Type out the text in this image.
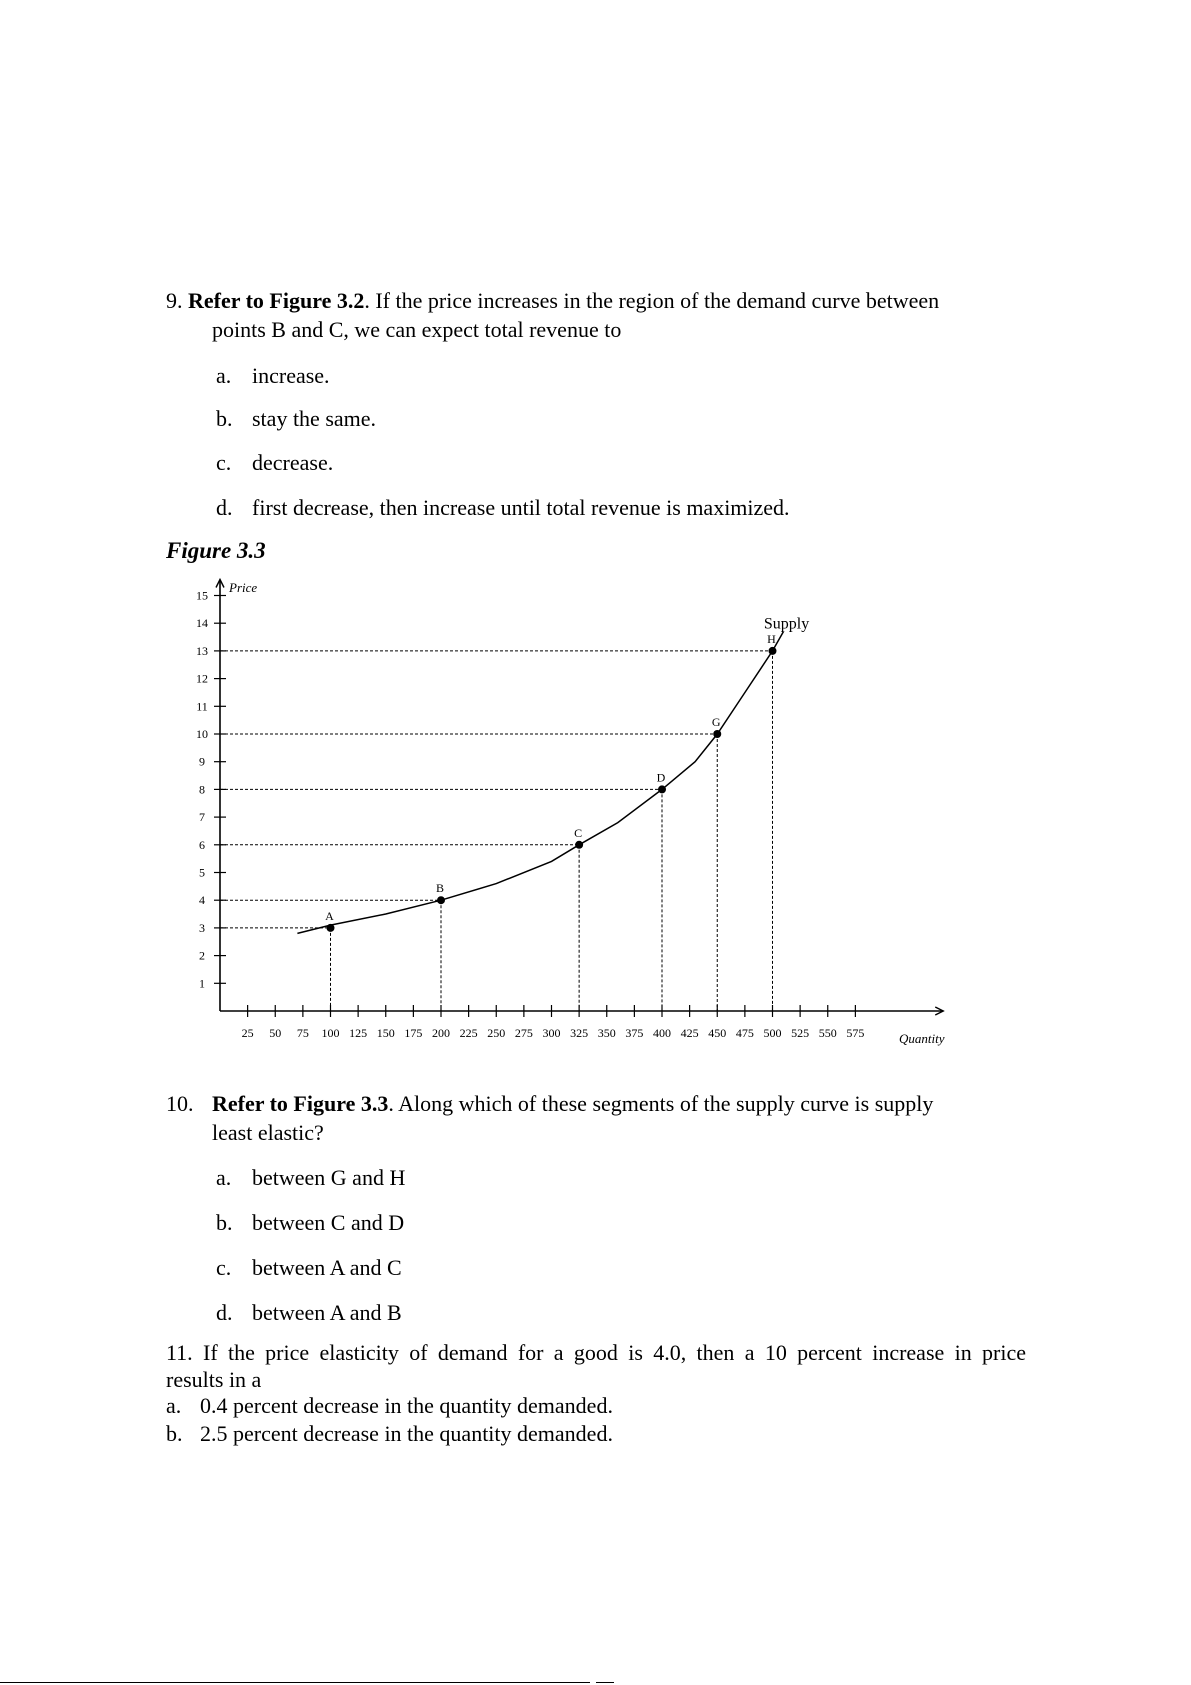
9. Refer to Figure 3.2. If the price increases in the region of the demand curve between
points B and C, we can expect total revenue to
a. increase.
b. stay the same.
c. decrease.
d. first decrease, then increase until total revenue is maximized.
Figure 3.3
1
2
3
4
5
6
7
8
9
10
11
12
13
14
15
25 50 75 100 125 150 175 200 225 250 275 300 325 350 375 400 425 450 475 500 525 550 575
A
B
C
D
G
H
Supply
Price
Quantity
10. Refer to Figure 3.3. Along which of these segments of the supply curve is supply
least elastic?
a. between G and H
b. between C and D
c. between A and C
d. between A and B
11. If the price elasticity of demand for a good is 4.0, then a 10 percent increase in price
results in a
a. 0.4 percent decrease in the quantity demanded.
b. 2.5 percent decrease in the quantity demanded.
